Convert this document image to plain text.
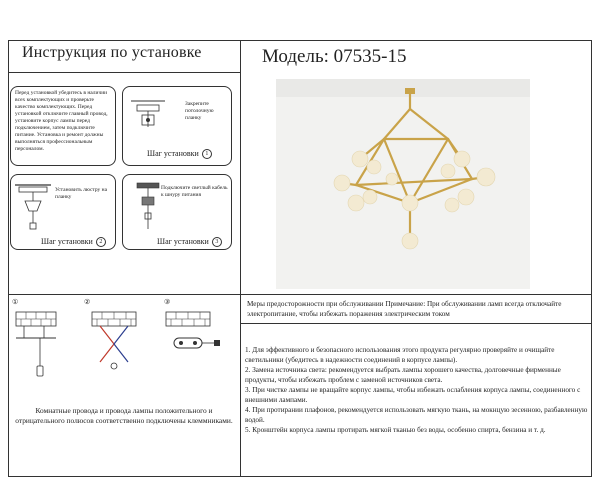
Инструкция по установке	Модель: 07535-15
Перед установкой убедитесь в наличии всех комплектующих и проверьте качество комплектующих. Перед установкой отключите главный провод, установите корпус лампы перед подключением, затем подключите питание. Установка и ремонт должны выполняться профессиональным персоналом.
Закрепите потолочную планку
Шаг установки 1
Установить люстру на планку
Шаг установки 2
Подключите светлый кабель к шнуру питания
Шаг установки 3
①	②	③
Комнатные провода и провода лампы положительного и отрицательного полюсов соответственно подключены клеммниками.
Меры предосторожности при обслуживании Примечание: При обслуживании ламп всегда отключайте электропитание, чтобы избежать поражения электрическим током

1. Для эффективного и безопасного использования этого продукта регулярно проверяйте и очищайте светильники (убедитесь в надежности соединений в корпусе лампы).

2. Замена источника света: рекомендуется выбрать лампы хорошего качества, долговечные фирменные продукты, чтобы избежать проблем с заменой источников света.

3. При чистке лампы не вращайте корпус лампы, чтобы избежать ослабления корпуса лампы, соединенного с внешними лампами.

4. При протирании плафонов, рекомендуется использовать мягкую ткань, на мокнцую зесенною, разбавленную водой.

5. Кронштейн корпуса лампы протирать мягкой тканью без воды, особенно спирта, бензина и т. д.
